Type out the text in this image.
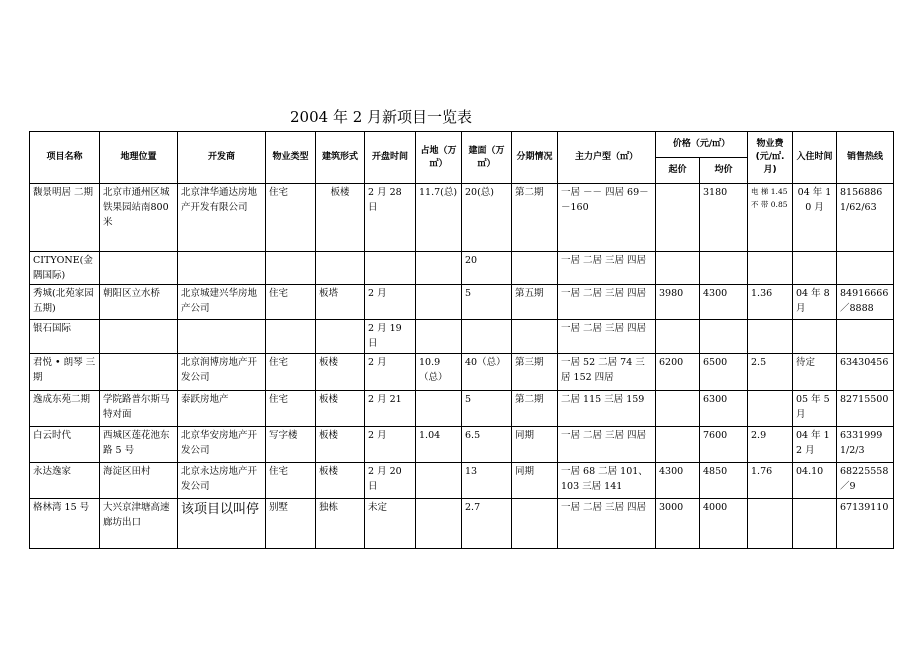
2004 年 2 月新项目一览表
项目名称	地理位置	开发商	物业类型	建筑形式	开盘时间	占地（万㎡）	建面（万㎡）	分期情况	主力户型（㎡）	价格（元/㎡）		物业费(元/㎡.月)	入住时间	销售热线
										起价	均价			
馥景明居 二期	北京市通州区城铁果园站南800米	北京津华通达房地产开发有限公司	住宅	板楼	2 月 28 日	11.7(总)	20(总)	第二期	一居 －－ 四居 69－－160		3180	电 梯 1.45 不 带 0.85	04 年 10 月	81568861/62/63
CITYONE(金隅国际)							20		一居 二居 三居 四居					
秀城(北苑家园五期)	朝阳区立水桥	北京城建兴华房地产公司	住宅	板塔	2 月		5	第五期	一居 二居 三居 四居	3980	4300	1.36	04 年 8 月	84916666／8888
银石国际					2 月 19 日				一居 二居 三居 四居					
君悦 • 朗琴 三期		北京润博房地产开发公司	住宅	板楼	2 月	10.9（总）	40（总）	第三期	一居 52 二居 74 三居 152 四居	6200	6500	2.5	待定	63430456
逸成东苑二期	学院路普尔斯马特对面	泰跃房地产	住宅	板楼	2 月 21		5	第二期	二居 115 三居 159		6300		05 年 5 月	82715500
白云时代	西城区莲花池东路 5 号	北京华安房地产开发公司	写字楼	板楼	2 月	1.04	6.5	同期	一居 二居 三居 四居		7600	2.9	04 年 12 月	63319991/2/3
永达逸家	海淀区田村	北京永达房地产开发公司	住宅	板楼	2 月 20 日		13	同期	一居 68 二居 101、103 三居 141	4300	4850	1.76	04.10	68225558／9
格林湾 15 号	大兴京津塘高速廊坊出口	该项目以叫停	别墅	独栋	未定		2.7		一居 二居 三居 四居	3000	4000			67139110
